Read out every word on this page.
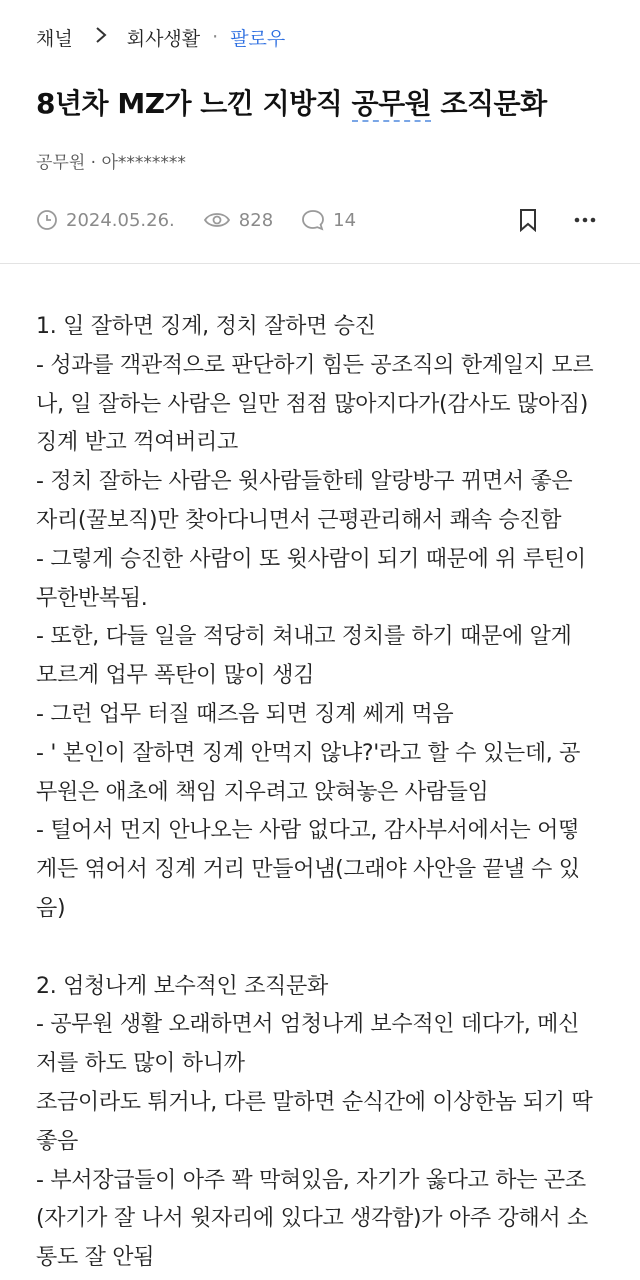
채널	회사생활 · 팔로우
8년차 MZ가 느낀 지방직 공무원 조직문화
공무원 · 아********
2024.05.26.	828	14

1. 일 잘하면 징계, 정치 잘하면 승진

- 성과를 객관적으로 판단하기 힘든 공조직의 한계일지 모르

나, 일 잘하는 사람은 일만 점점 많아지다가(감사도 많아짐)

징계 받고 꺽여버리고

- 정치 잘하는 사람은 윗사람들한테 알랑방구 뀌면서 좋은

자리(꿀보직)만 찾아다니면서 근평관리해서 쾌속 승진함

- 그렇게 승진한 사람이 또 윗사람이 되기 때문에 위 루틴이

무한반복됨.

- 또한, 다들 일을 적당히 쳐내고 정치를 하기 때문에 알게

모르게 업무 폭탄이 많이 생김

- 그런 업무 터질 때즈음 되면 징계 쎄게 먹음

- ' 본인이 잘하면 징계 안먹지 않냐?'라고 할 수 있는데, 공

무원은 애초에 책임 지우려고 앉혀놓은 사람들임

- 털어서 먼지 안나오는 사람 없다고, 감사부서에서는 어떻

게든 엮어서 징계 거리 만들어냄(그래야 사안을 끝낼 수 있

음)

2. 엄청나게 보수적인 조직문화

- 공무원 생활 오래하면서 엄청나게 보수적인 데다가, 메신

저를 하도 많이 하니까

조금이라도 튀거나, 다른 말하면 순식간에 이상한놈 되기 딱

좋음

- 부서장급들이 아주 꽉 막혀있음, 자기가 옳다고 하는 곤조

(자기가 잘 나서 윗자리에 있다고 생각함)가 아주 강해서 소

통도 잘 안됨
